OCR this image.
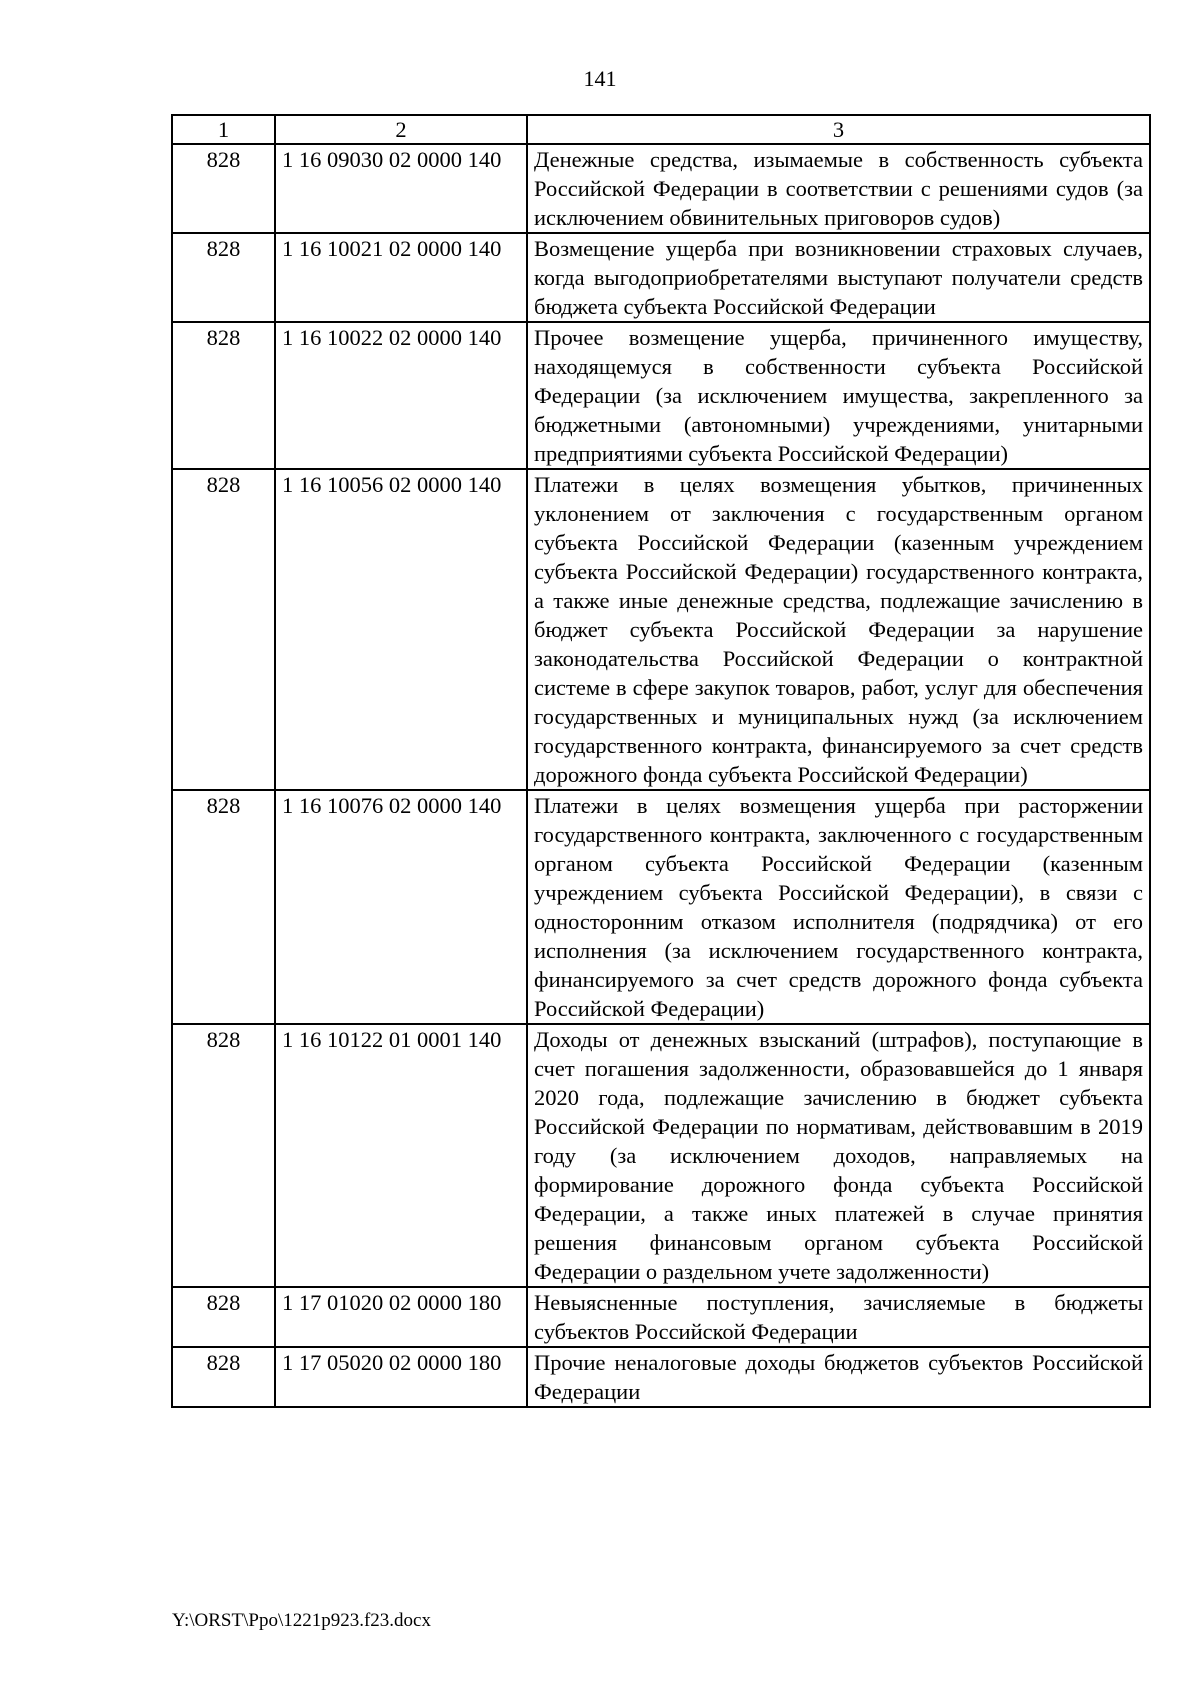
141
1	2	3
828	1 16 09030 02 0000 140	Денежные средства, изымаемые в собственность субъекта Российской Федерации в соответствии с решениями судов (за исключением обвинительных приговоров судов)
828	1 16 10021 02 0000 140	Возмещение ущерба при возникновении страховых случаев, когда выгодоприобретателями выступают получатели средств бюджета субъекта Российской Федерации
828	1 16 10022 02 0000 140	Прочее возмещение ущерба, причиненного имуществу, находящемуся в собственности субъекта Российской Федерации (за исключением имущества, закрепленного за бюджетными (автономными) учреждениями, унитарными предприятиями субъекта Российской Федерации)
828	1 16 10056 02 0000 140	Платежи в целях возмещения убытков, причиненных уклонением от заключения с государственным органом субъекта Российской Федерации (казенным учреждением субъекта Российской Федерации) государственного контракта, а также иные денежные средства, подлежащие зачислению в бюджет субъекта Российской Федерации за нарушение законодательства Российской Федерации о контрактной системе в сфере закупок товаров, работ, услуг для обеспечения государственных и муниципальных нужд (за исключением государственного контракта, финансируемого за счет средств дорожного фонда субъекта Российской Федерации)
828	1 16 10076 02 0000 140	Платежи в целях возмещения ущерба при расторжении государственного контракта, заключенного с государственным органом субъекта Российской Федерации (казенным учреждением субъекта Российской Федерации), в связи с односторонним отказом исполнителя (подрядчика) от его исполнения (за исключением государственного контракта, финансируемого за счет средств дорожного фонда субъекта Российской Федерации)
828	1 16 10122 01 0001 140	Доходы от денежных взысканий (штрафов), поступающие в счет погашения задолженности, образовавшейся до 1 января 2020 года, подлежащие зачислению в бюджет субъекта Российской Федерации по нормативам, действовавшим в 2019 году (за исключением доходов, направляемых на формирование дорожного фонда субъекта Российской Федерации, а также иных платежей в случае принятия решения финансовым органом субъекта Российской Федерации о раздельном учете задолженности)
828	1 17 01020 02 0000 180	Невыясненные поступления, зачисляемые в бюджеты субъектов Российской Федерации
828	1 17 05020 02 0000 180	Прочие неналоговые доходы бюджетов субъектов Российской Федерации
Y:\ORST\Ppo\1221p923.f23.docx
